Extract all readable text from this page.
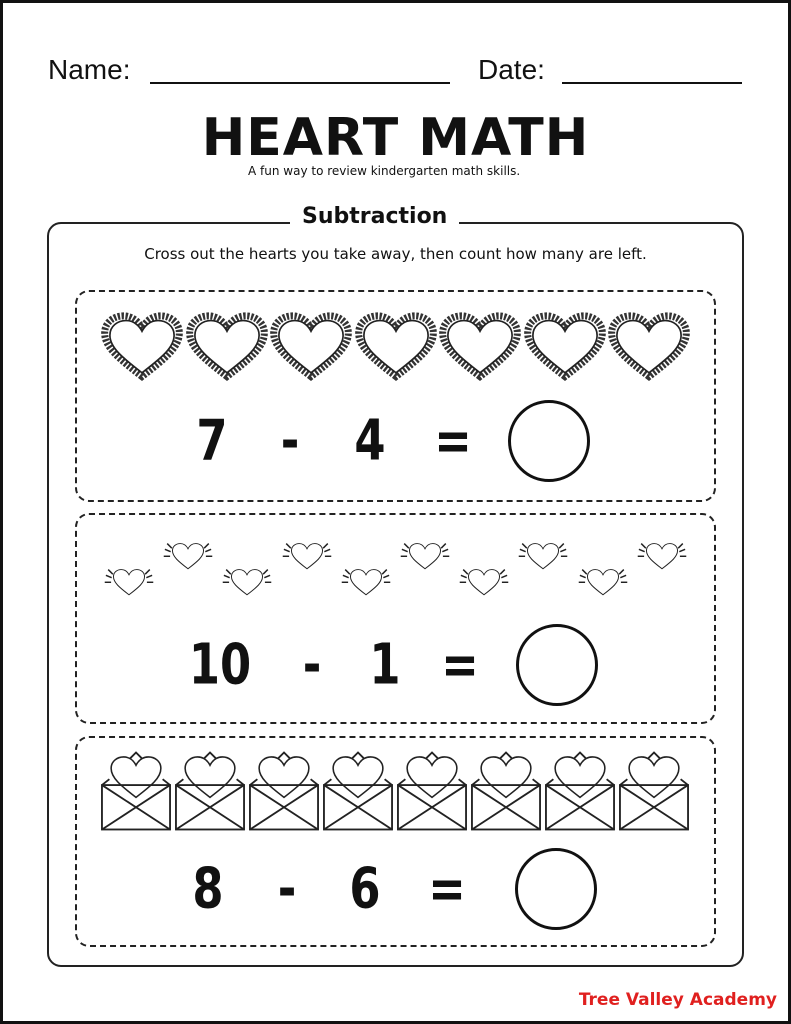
Name:	Date:
HEART MATH
A fun way to review kindergarten math skills.
Subtraction
Cross out the hearts you take away, then count how many are left.
7 - 4 =
10 - 1 =
8 - 6 =
Tree Valley Academy
